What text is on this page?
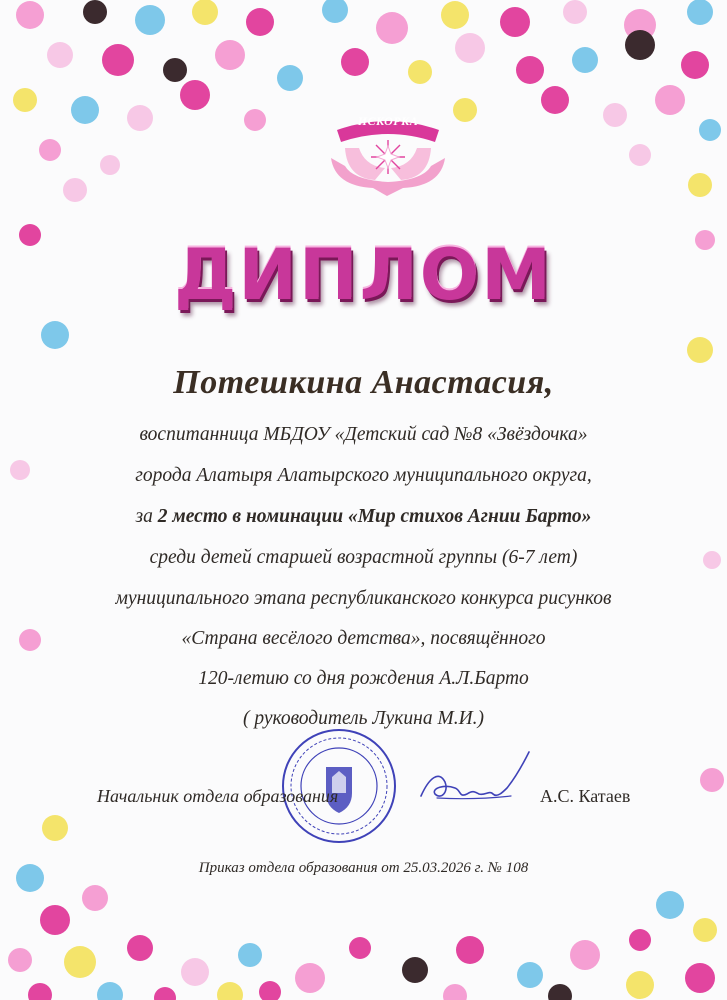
ИСКОРКА
ДИПЛОМ
Потешкина Анастасия,
воспитанница МБДОУ «Детский сад №8 «Звёздочка»
города Алатыря Алатырского муниципального округа,
за 2 место в номинации «Мир стихов Агнии Барто»
среди детей старшей возрастной группы (6-7 лет)
муниципального этапа республиканского конкурса рисунков
«Страна весёлого детства», посвящённого
120-летию со дня рождения А.Л.Барто
( руководитель Лукина М.И.)
Начальник отдела образования	А.С. Катаев
Приказ отдела образования от 25.03.2026 г. № 108
